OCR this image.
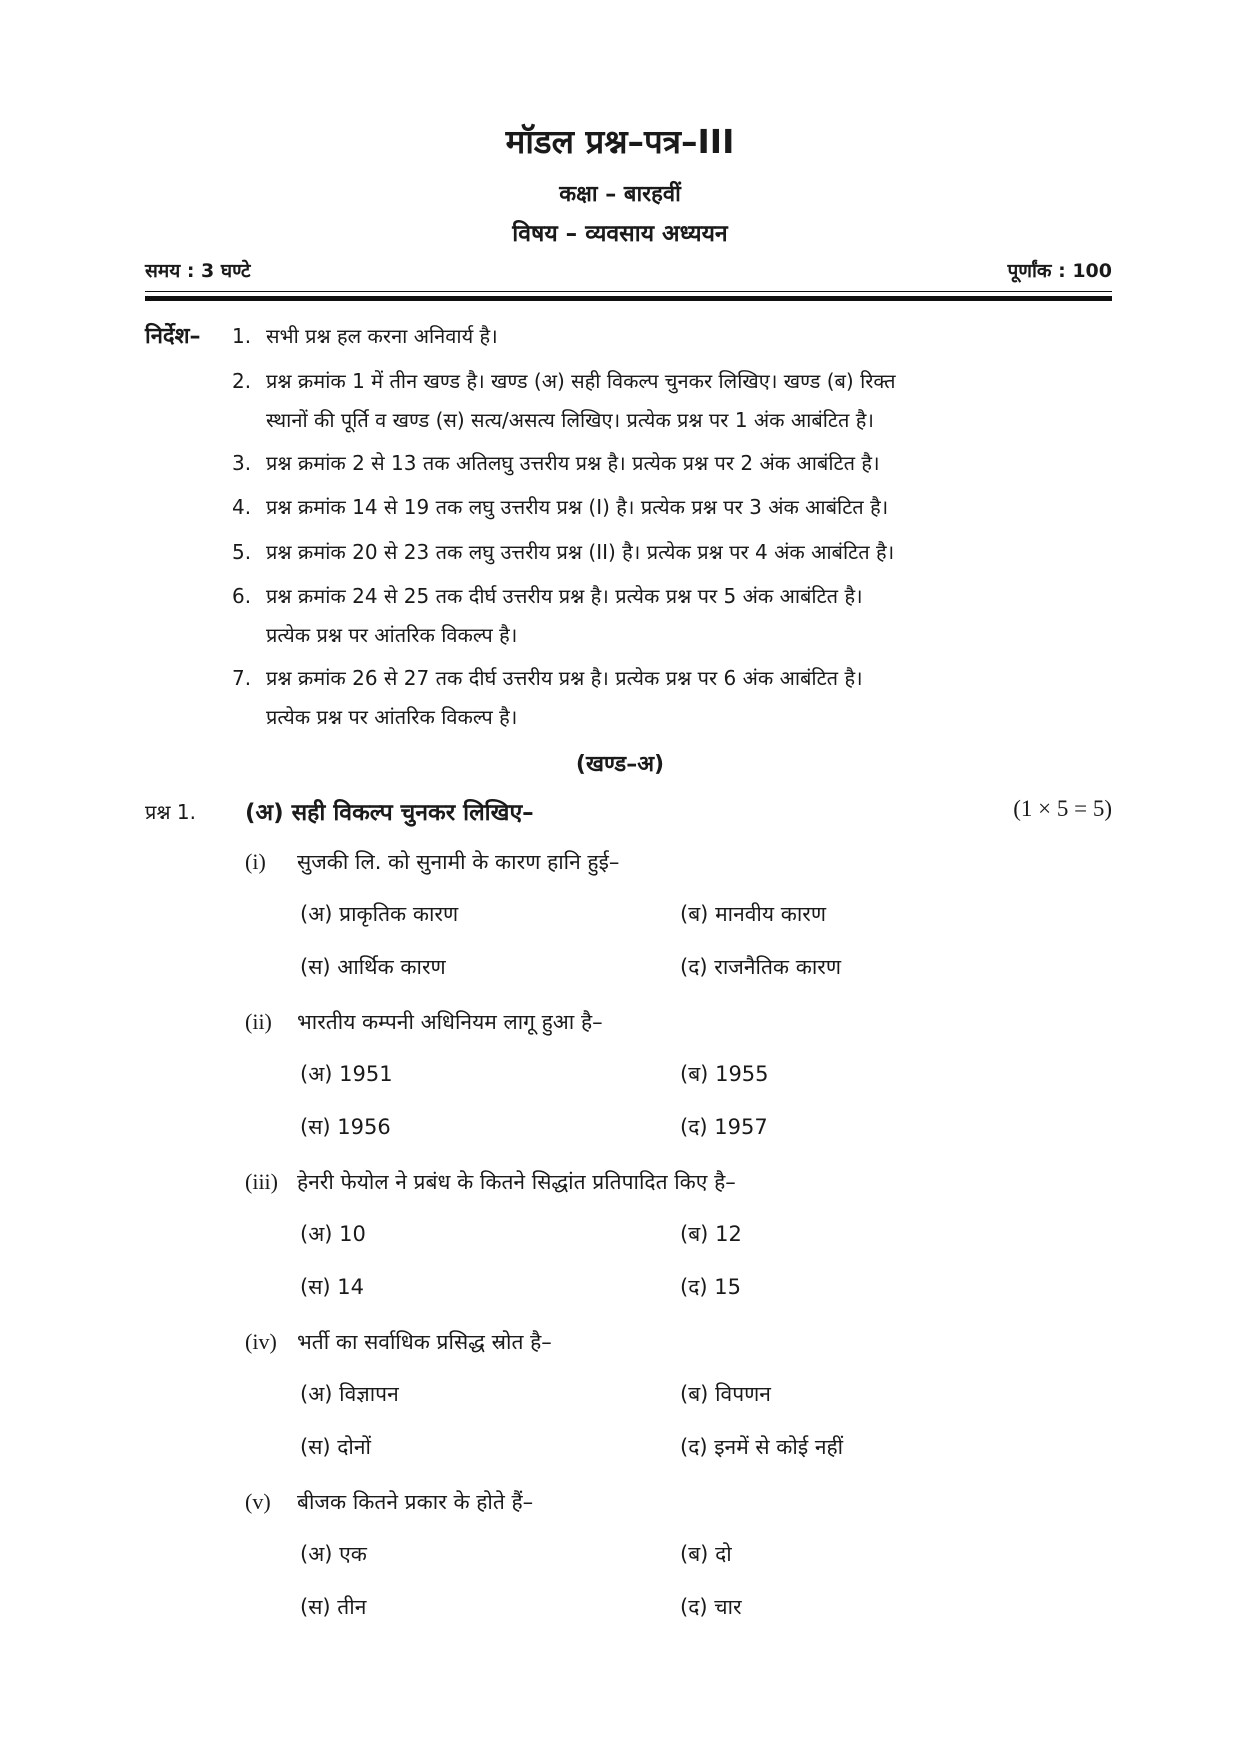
मॉडल प्रश्न–पत्र–III
कक्षा – बारहवीं
विषय – व्यवसाय अध्ययन
समय : 3 घण्टे	पूर्णांक : 100
निर्देश– 1. सभी प्रश्न हल करना अनिवार्य है।
2. प्रश्न क्रमांक 1 में तीन खण्ड है। खण्ड (अ) सही विकल्प चुनकर लिखिए। खण्ड (ब) रिक्त
स्थानों की पूर्ति व खण्ड (स) सत्य/असत्य लिखिए। प्रत्येक प्रश्न पर 1 अंक आबंटित है।
3. प्रश्न क्रमांक 2 से 13 तक अतिलघु उत्तरीय प्रश्न है। प्रत्येक प्रश्न पर 2 अंक आबंटित है।
4. प्रश्न क्रमांक 14 से 19 तक लघु उत्तरीय प्रश्न (I) है। प्रत्येक प्रश्न पर 3 अंक आबंटित है।
5. प्रश्न क्रमांक 20 से 23 तक लघु उत्तरीय प्रश्न (II) है। प्रत्येक प्रश्न पर 4 अंक आबंटित है।
6. प्रश्न क्रमांक 24 से 25 तक दीर्घ उत्तरीय प्रश्न है। प्रत्येक प्रश्न पर 5 अंक आबंटित है।
प्रत्येक प्रश्न पर आंतरिक विकल्प है।
7. प्रश्न क्रमांक 26 से 27 तक दीर्घ उत्तरीय प्रश्न है। प्रत्येक प्रश्न पर 6 अंक आबंटित है।
प्रत्येक प्रश्न पर आंतरिक विकल्प है।
(खण्ड–अ)
प्रश्न 1. (अ) सही विकल्प चुनकर लिखिए–	(1 × 5 = 5)
(i) सुजकी लि. को सुनामी के कारण हानि हुई–
(अ) प्राकृतिक कारण	(ब) मानवीय कारण
(स) आर्थिक कारण	(द) राजनैतिक कारण
(ii) भारतीय कम्पनी अधिनियम लागू हुआ है–
(अ) 1951	(ब) 1955
(स) 1956	(द) 1957
(iii) हेनरी फेयोल ने प्रबंध के कितने सिद्धांत प्रतिपादित किए है–
(अ) 10	(ब) 12
(स) 14	(द) 15
(iv) भर्ती का सर्वाधिक प्रसिद्ध स्रोत है–
(अ) विज्ञापन	(ब) विपणन
(स) दोनों	(द) इनमें से कोई नहीं
(v) बीजक कितने प्रकार के होते हैं–
(अ) एक	(ब) दो
(स) तीन	(द) चार
